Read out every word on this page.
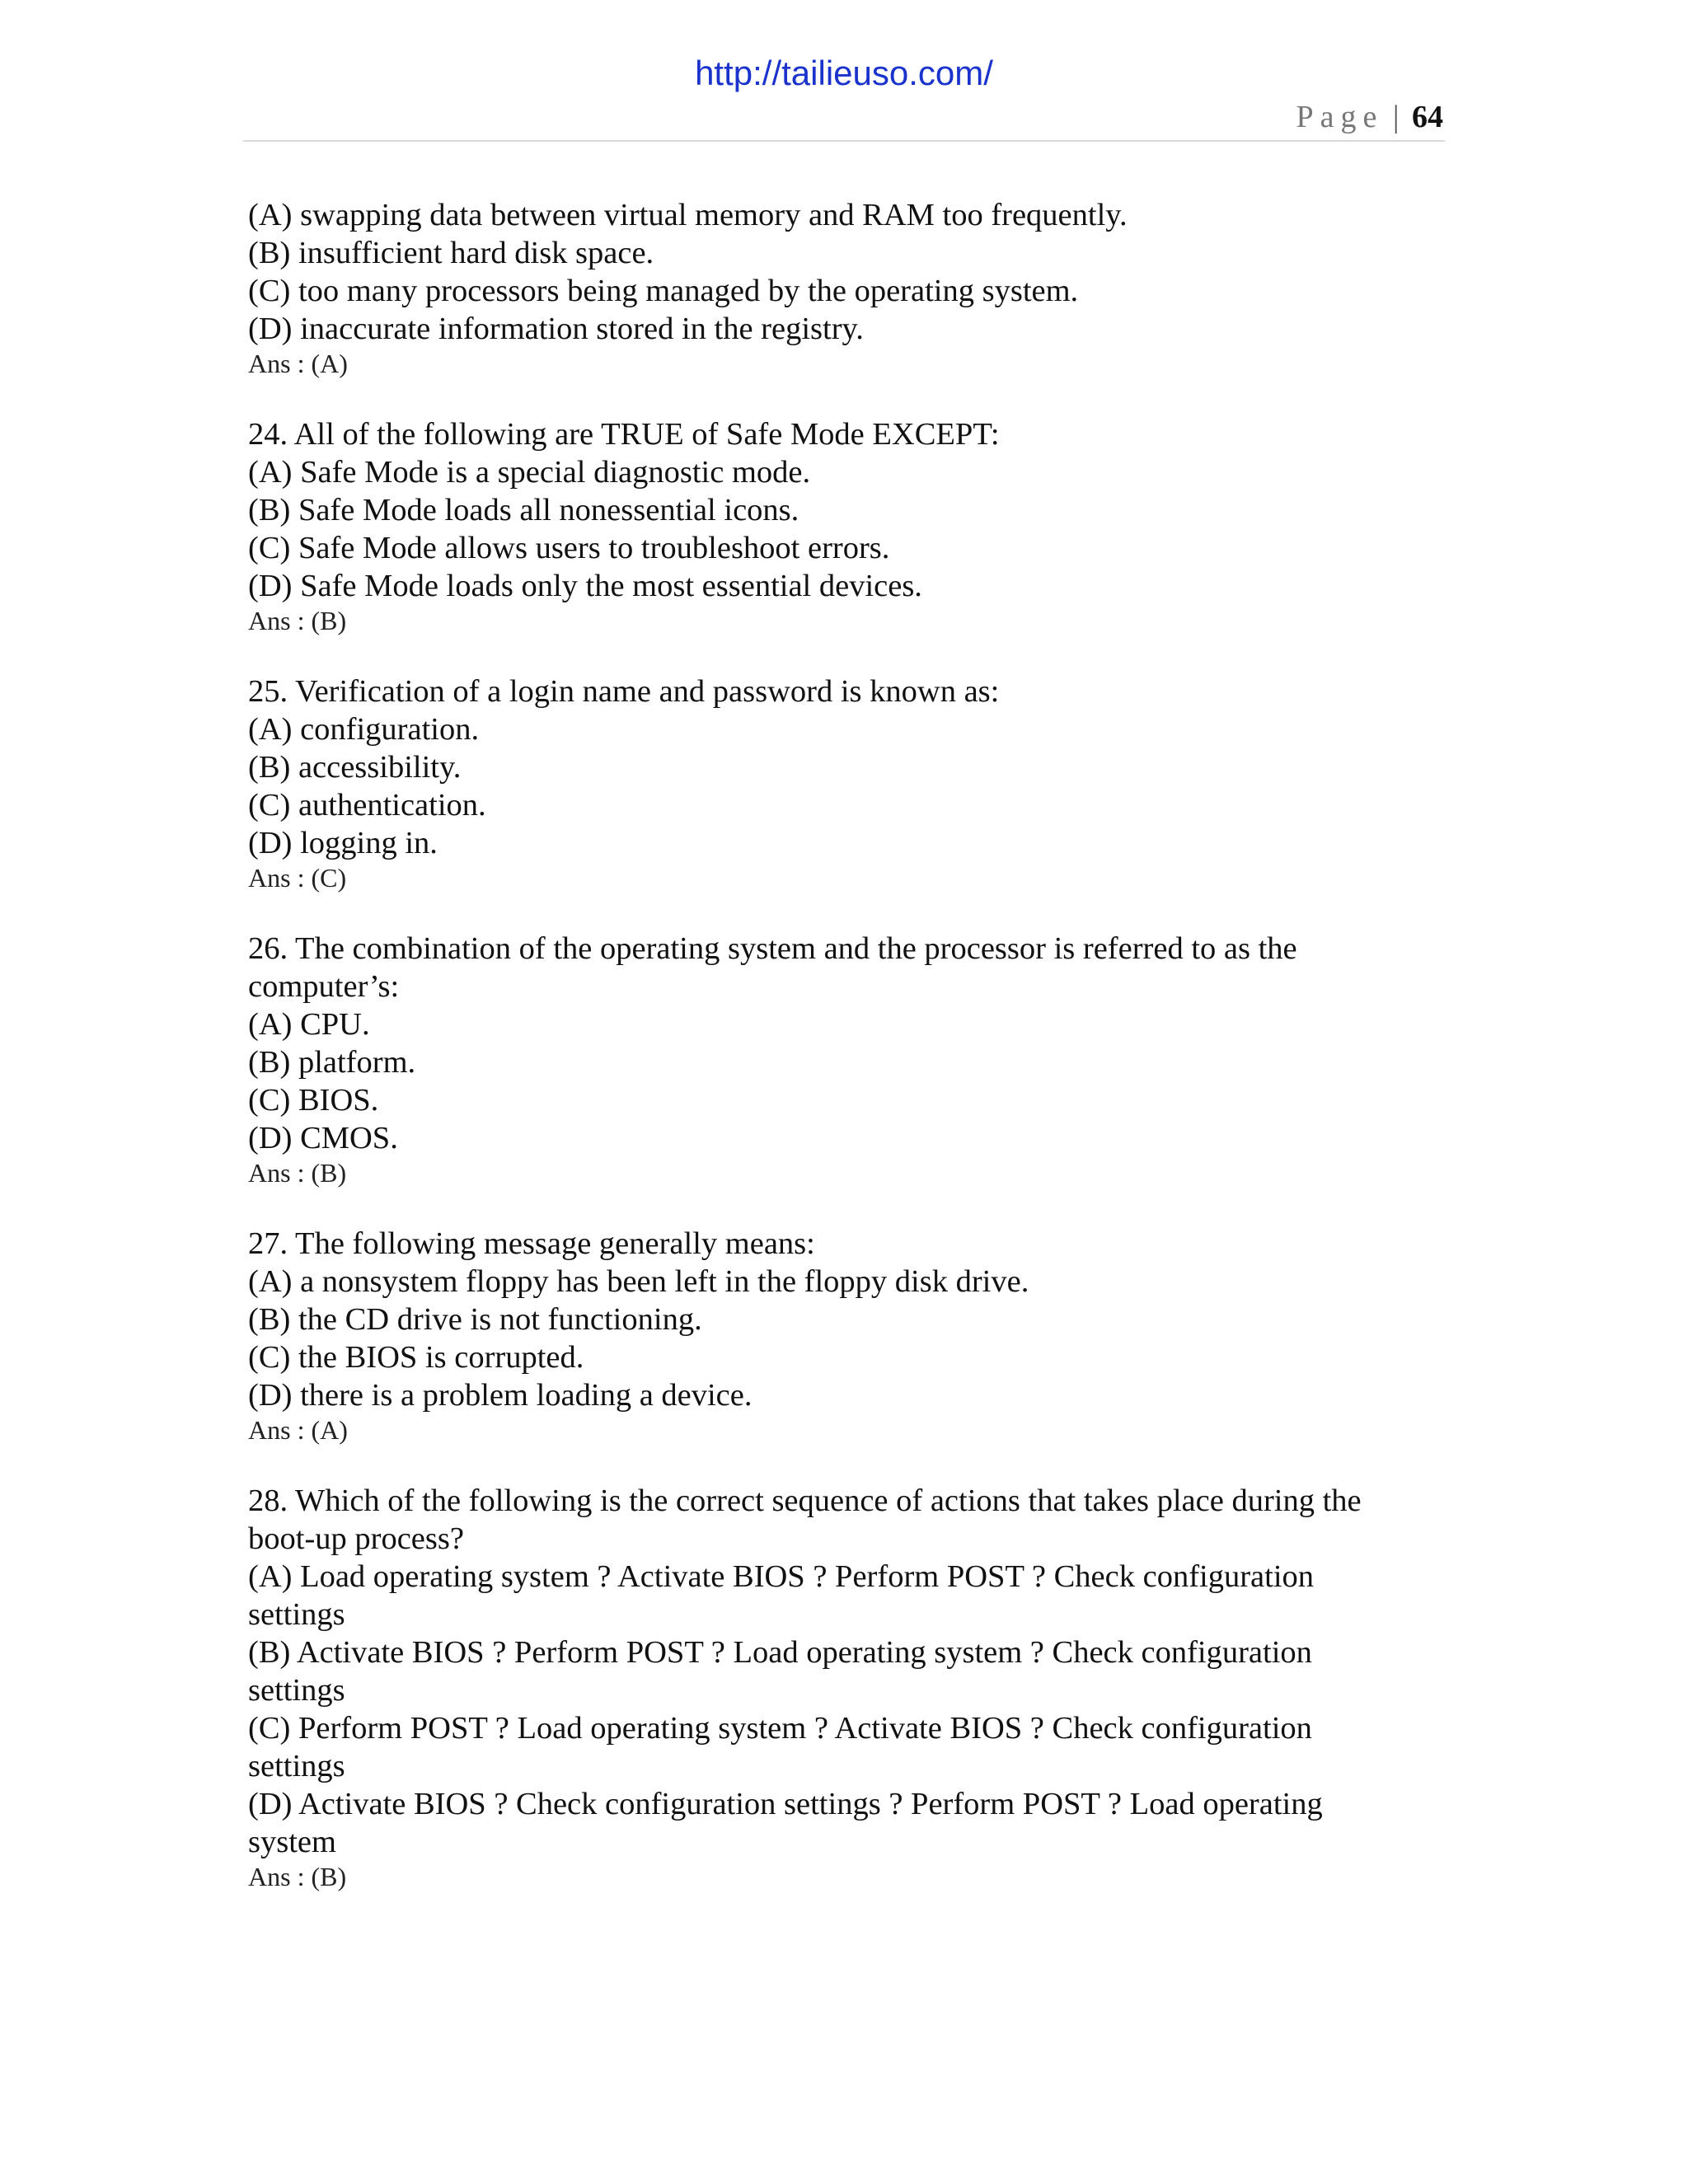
http://tailieuso.com/
Page | 64

(A) swapping data between virtual memory and RAM too frequently.

(B) insufficient hard disk space.

(C) too many processors being managed by the operating system.

(D) inaccurate information stored in the registry.

Ans : (A)

24. All of the following are TRUE of Safe Mode EXCEPT:

(A) Safe Mode is a special diagnostic mode.

(B) Safe Mode loads all nonessential icons.

(C) Safe Mode allows users to troubleshoot errors.

(D) Safe Mode loads only the most essential devices.

Ans : (B)

25. Verification of a login name and password is known as:

(A) configuration.

(B) accessibility.

(C) authentication.

(D) logging in.

Ans : (C)

26. The combination of the operating system and the processor is referred to as the

computer’s:

(A) CPU.

(B) platform.

(C) BIOS.

(D) CMOS.

Ans : (B)

27. The following message generally means:

(A) a nonsystem floppy has been left in the floppy disk drive.

(B) the CD drive is not functioning.

(C) the BIOS is corrupted.

(D) there is a problem loading a device.

Ans : (A)

28. Which of the following is the correct sequence of actions that takes place during the

boot-up process?

(A) Load operating system ? Activate BIOS ? Perform POST ? Check configuration

settings

(B) Activate BIOS ? Perform POST ? Load operating system ? Check configuration

settings

(C) Perform POST ? Load operating system ? Activate BIOS ? Check configuration

settings

(D) Activate BIOS ? Check configuration settings ? Perform POST ? Load operating

system

Ans : (B)
